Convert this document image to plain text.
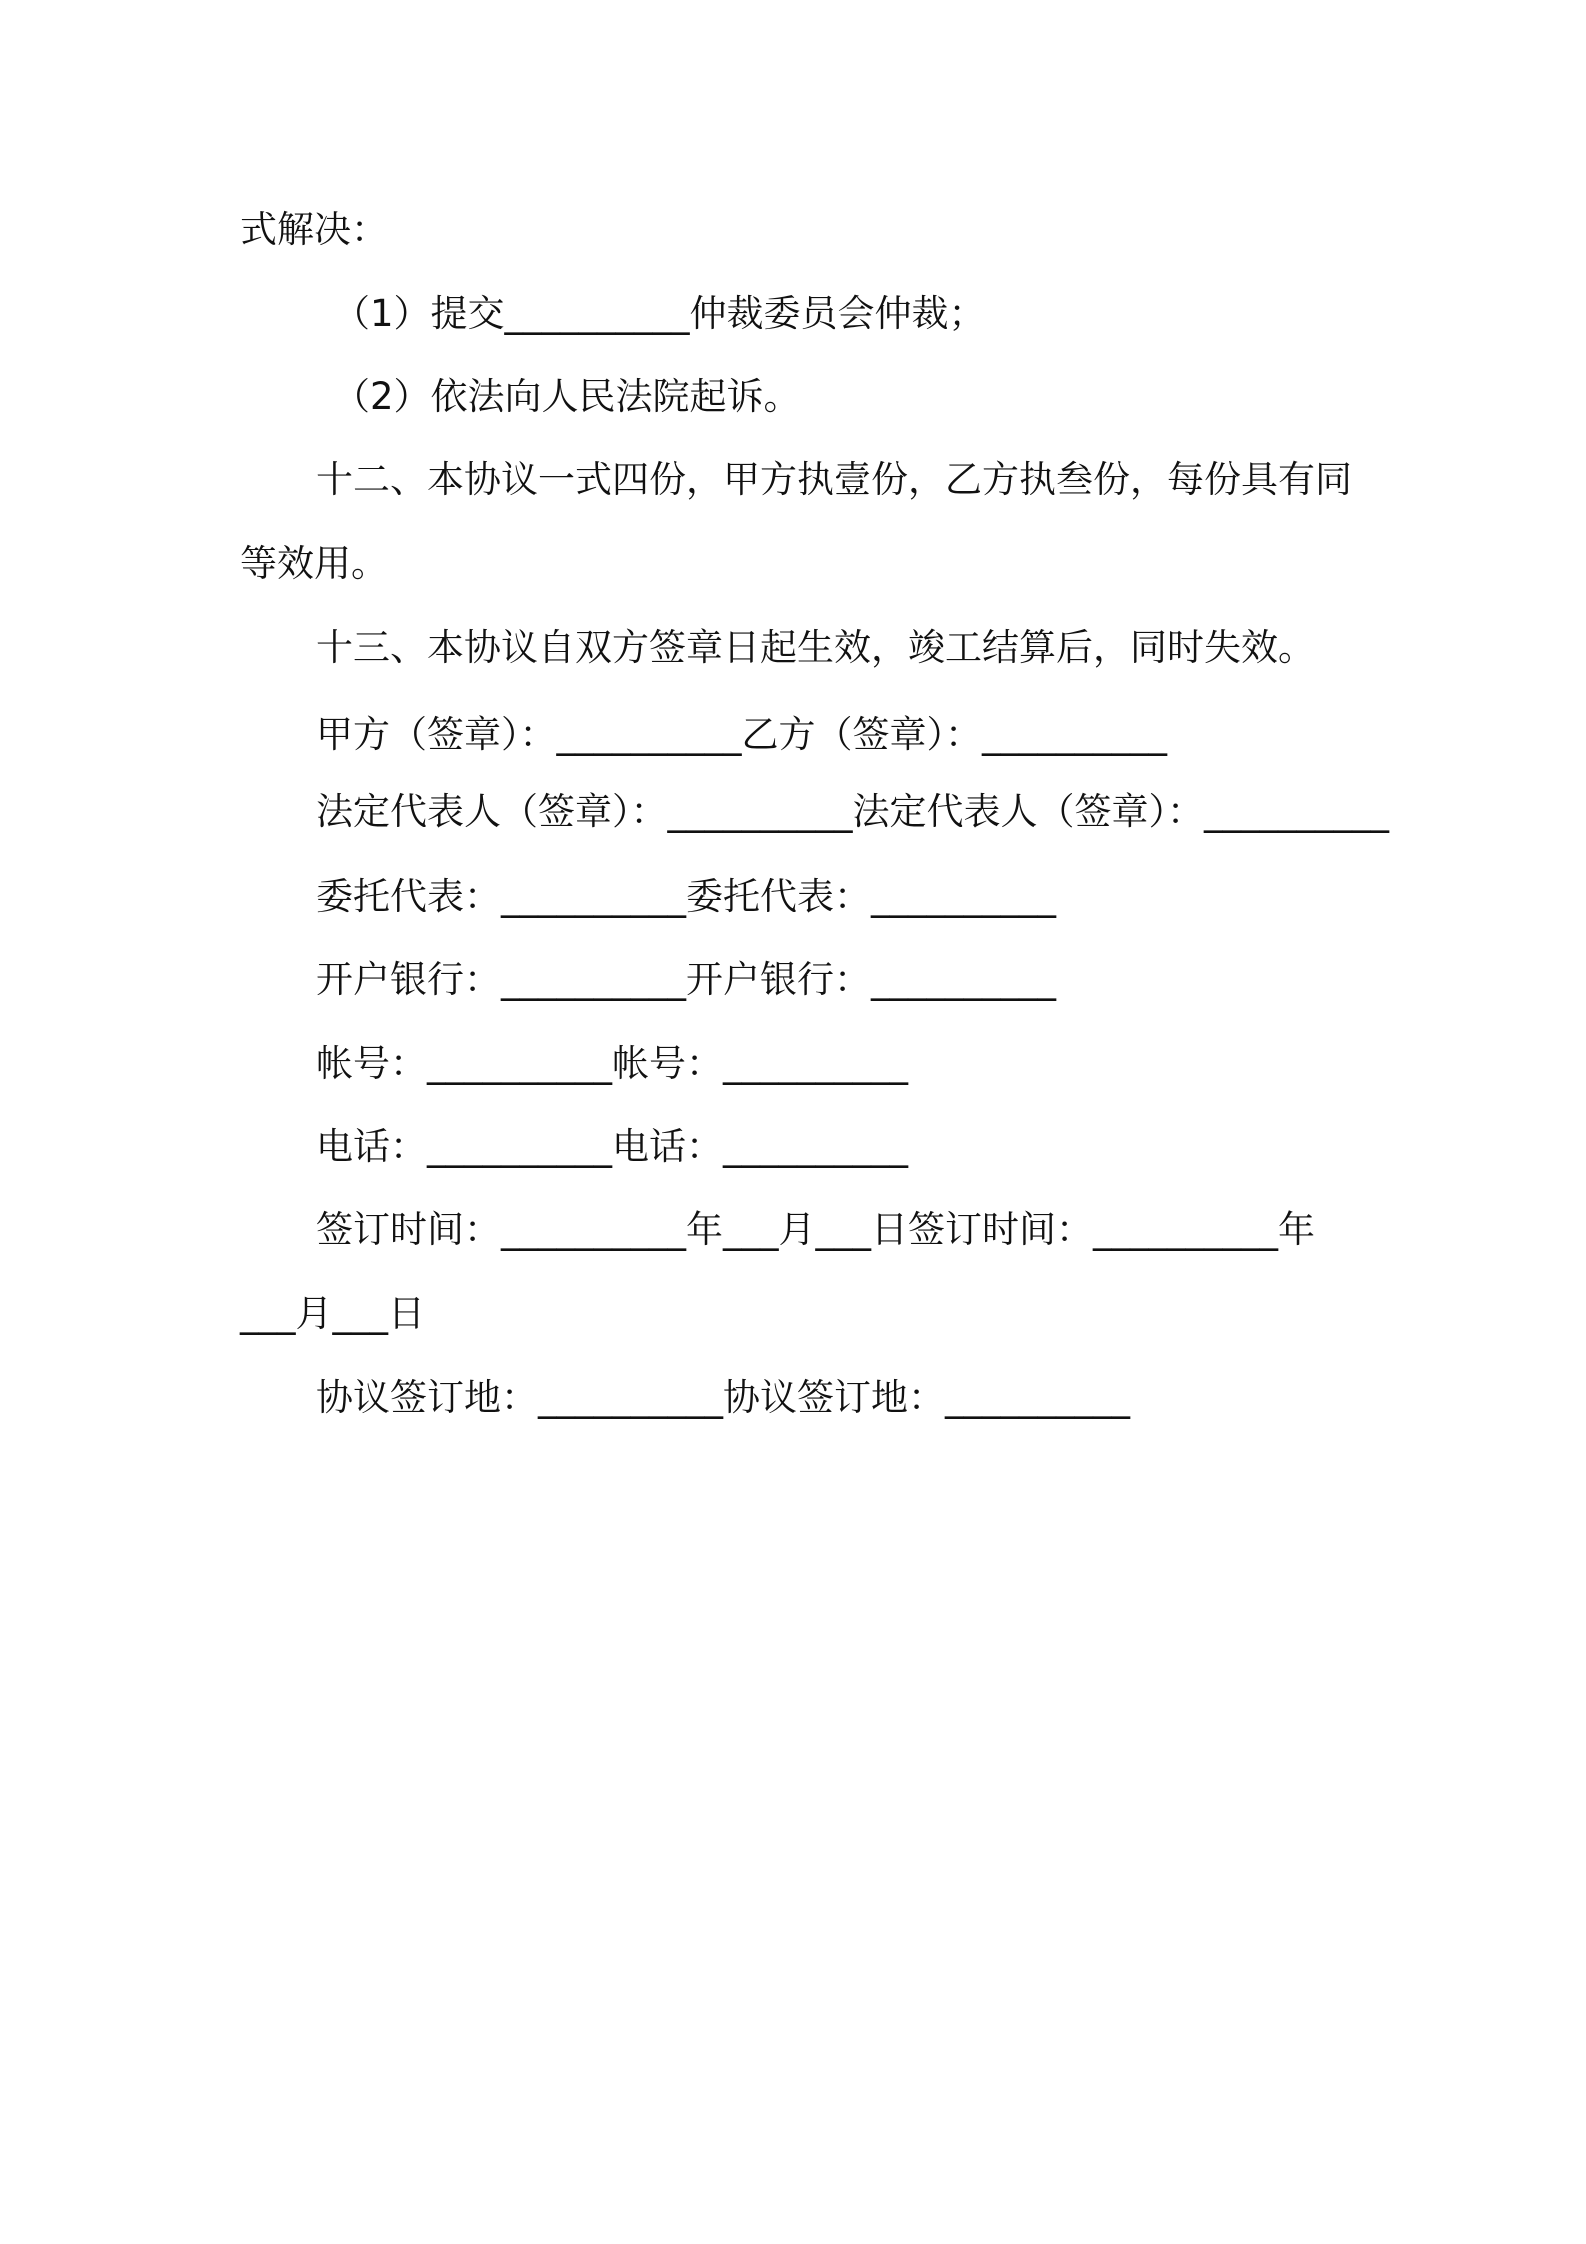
式解决：
（1）提交__________仲裁委员会仲裁；
（2）依法向人民法院起诉。
十二、本协议一式四份，甲方执壹份，乙方执叁份，每份具有同
等效用。
十三、本协议自双方签章日起生效，竣工结算后，同时失效。
甲方（签章）：__________乙方（签章）：__________
法定代表人（签章）：__________法定代表人（签章）：__________
委托代表：__________委托代表：__________
开户银行：__________开户银行：__________
帐号：__________帐号：__________
电话：__________电话：__________
签订时间：__________年___月___日签订时间：__________年
___月___日
协议签订地：__________协议签订地：__________
